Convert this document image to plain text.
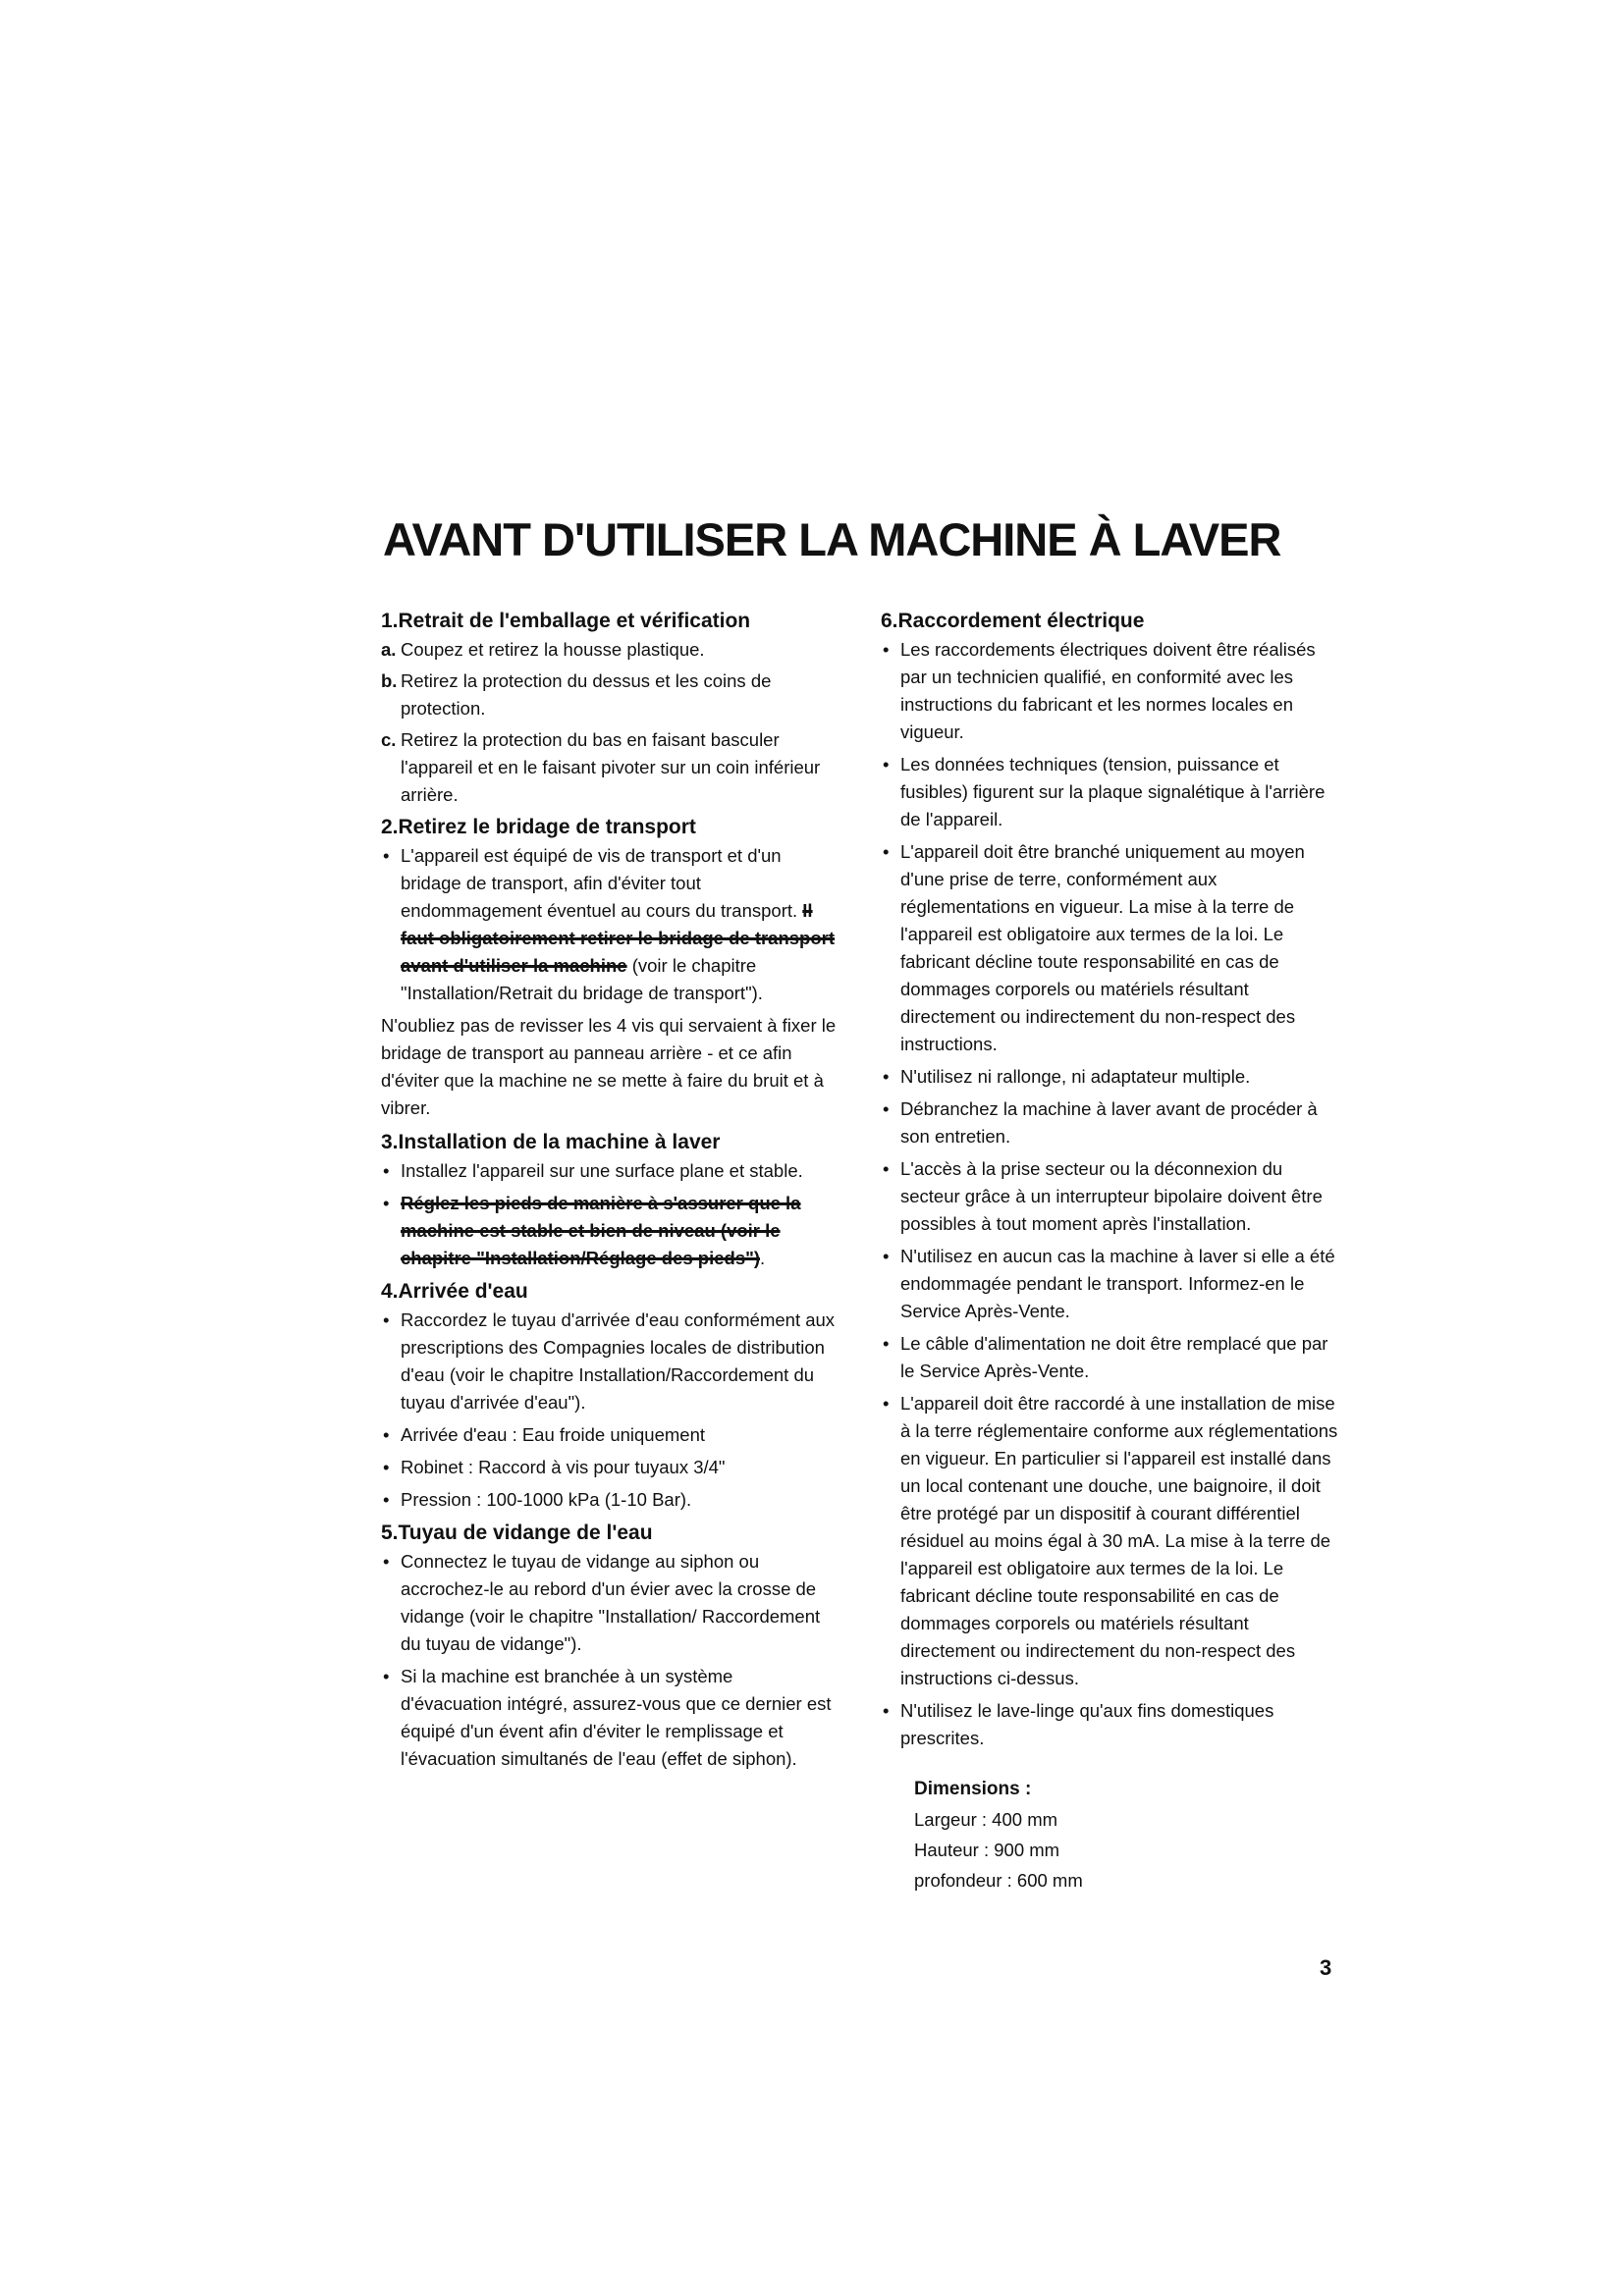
AVANT D'UTILISER LA MACHINE À LAVER
1.Retrait de l'emballage et vérification
a. Coupez et retirez la housse plastique.
b. Retirez la protection du dessus et les coins de protection.
c. Retirez la protection du bas en faisant basculer l'appareil et en le faisant pivoter sur un coin inférieur arrière.
2.Retirez le bridage de transport
• L'appareil est équipé de vis de transport et d'un bridage de transport, afin d'éviter tout endommagement éventuel au cours du transport. Il faut obligatoirement retirer le bridage de transport avant d'utiliser la machine (voir le chapitre "Installation/Retrait du bridage de transport").

N'oubliez pas de revisser les 4 vis qui servaient à fixer le bridage de transport au panneau arrière - et ce afin d'éviter que la machine ne se mette à faire du bruit et à vibrer.

3.Installation de la machine à laver
• Installez l'appareil sur une surface plane et stable.
• Réglez les pieds de manière à s'assurer que la machine est stable et bien de niveau (voir le chapitre "Installation/Réglage des pieds").
4.Arrivée d'eau
• Raccordez le tuyau d'arrivée d'eau conformément aux prescriptions des Compagnies locales de distribution d'eau (voir le chapitre Installation/Raccordement du tuyau d'arrivée d'eau").
• Arrivée d'eau : Eau froide uniquement
• Robinet : Raccord à vis pour tuyaux 3/4"
• Pression : 100-1000 kPa (1-10 Bar).
5.Tuyau de vidange de l'eau
• Connectez le tuyau de vidange au siphon ou accrochez-le au rebord d'un évier avec la crosse de vidange (voir le chapitre "Installation/ Raccordement du tuyau de vidange").
• Si la machine est branchée à un système d'évacuation intégré, assurez-vous que ce dernier est équipé d'un évent afin d'éviter le remplissage et l'évacuation simultanés de l'eau (effet de siphon).
6.Raccordement électrique
• Les raccordements électriques doivent être réalisés par un technicien qualifié, en conformité avec les instructions du fabricant et les normes locales en vigueur.
• Les données techniques (tension, puissance et fusibles) figurent sur la plaque signalétique à l'arrière de l'appareil.
• L'appareil doit être branché uniquement au moyen d'une prise de terre, conformément aux réglementations en vigueur. La mise à la terre de l'appareil est obligatoire aux termes de la loi. Le fabricant décline toute responsabilité en cas de dommages corporels ou matériels résultant directement ou indirectement du non-respect des instructions.
• N'utilisez ni rallonge, ni adaptateur multiple.
• Débranchez la machine à laver avant de procéder à son entretien.
• L'accès à la prise secteur ou la déconnexion du secteur grâce à un interrupteur bipolaire doivent être possibles à tout moment après l'installation.
• N'utilisez en aucun cas la machine à laver si elle a été endommagée pendant le transport. Informez-en le Service Après-Vente.
• Le câble d'alimentation ne doit être remplacé que par le Service Après-Vente.
• L'appareil doit être raccordé à une installation de mise à la terre réglementaire conforme aux réglementations en vigueur. En particulier si l'appareil est installé dans un local contenant une douche, une baignoire, il doit être protégé par un dispositif à courant différentiel résiduel au moins égal à 30 mA. La mise à la terre de l'appareil est obligatoire aux termes de la loi. Le fabricant décline toute responsabilité en cas de dommages corporels ou matériels résultant directement ou indirectement du non-respect des instructions ci-dessus.
• N'utilisez le lave-linge qu'aux fins domestiques prescrites.
Dimensions :
Largeur : 400 mm
Hauteur : 900 mm
profondeur : 600 mm
3
